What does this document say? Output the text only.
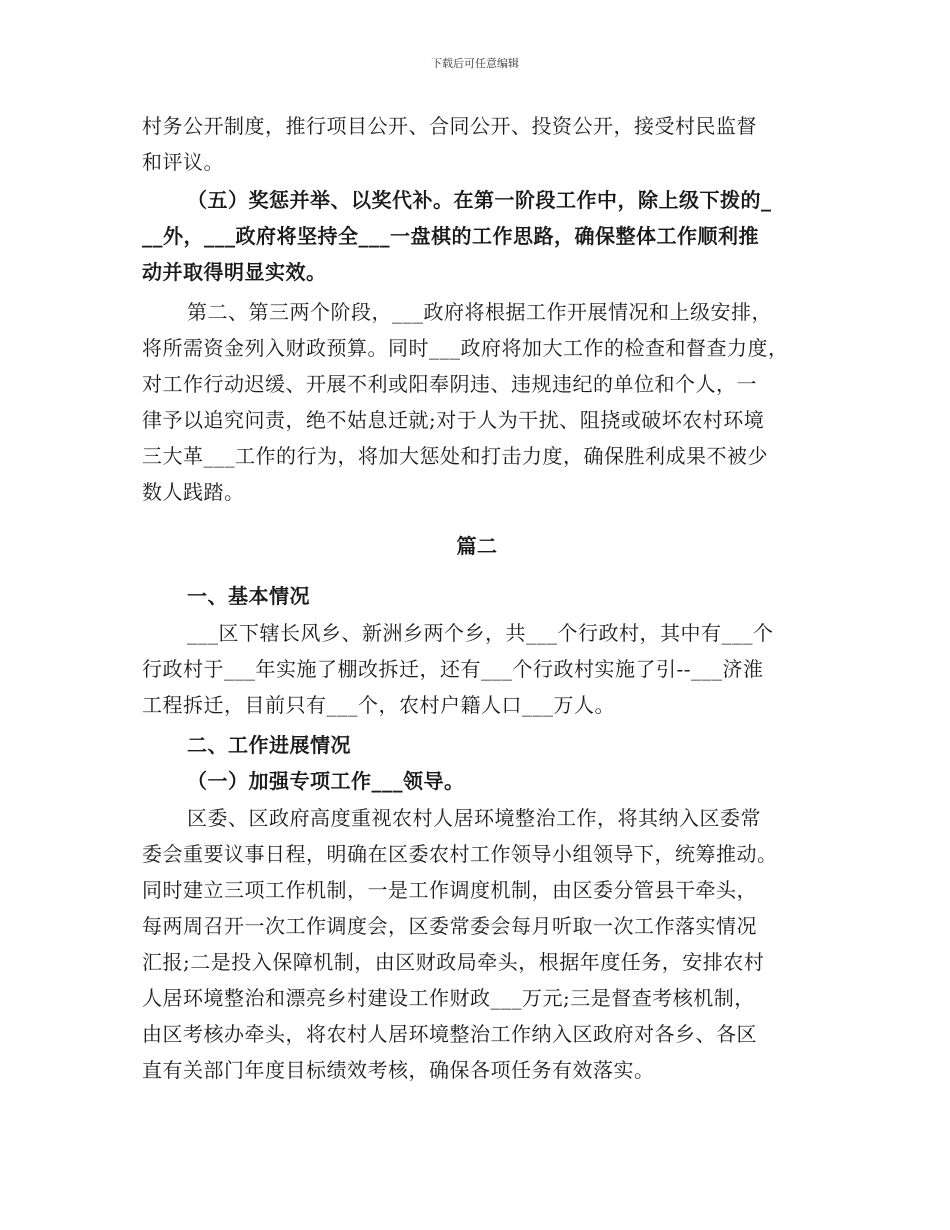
下载后可任意编辑
村务公开制度，推行项目公开、合同公开、投资公开，接受村民监督
和评议。
（五）奖惩并举、以奖代补。在第一阶段工作中，除上级下拨的_
__外，___政府将坚持全___一盘棋的工作思路，确保整体工作顺利推
动并取得明显实效。
第二、第三两个阶段，___政府将根据工作开展情况和上级安排，
将所需资金列入财政预算。同时___政府将加大工作的检查和督查力度，
对工作行动迟缓、开展不利或阳奉阴违、违规违纪的单位和个人，一
律予以追究问责，绝不姑息迁就;对于人为干扰、阻挠或破坏农村环境
三大革___工作的行为，将加大惩处和打击力度，确保胜利成果不被少
数人践踏。
篇二
一、基本情况
___区下辖长风乡、新洲乡两个乡，共___个行政村，其中有___个
行政村于___年实施了棚改拆迁，还有___个行政村实施了引--___济淮
工程拆迁，目前只有___个，农村户籍人口___万人。
二、工作进展情况
（一）加强专项工作___领导。
区委、区政府高度重视农村人居环境整治工作，将其纳入区委常
委会重要议事日程，明确在区委农村工作领导小组领导下，统筹推动。
同时建立三项工作机制，一是工作调度机制，由区委分管县干牵头，
每两周召开一次工作调度会，区委常委会每月听取一次工作落实情况
汇报;二是投入保障机制，由区财政局牵头，根据年度任务，安排农村
人居环境整治和漂亮乡村建设工作财政___万元;三是督查考核机制，
由区考核办牵头，将农村人居环境整治工作纳入区政府对各乡、各区
直有关部门年度目标绩效考核，确保各项任务有效落实。
